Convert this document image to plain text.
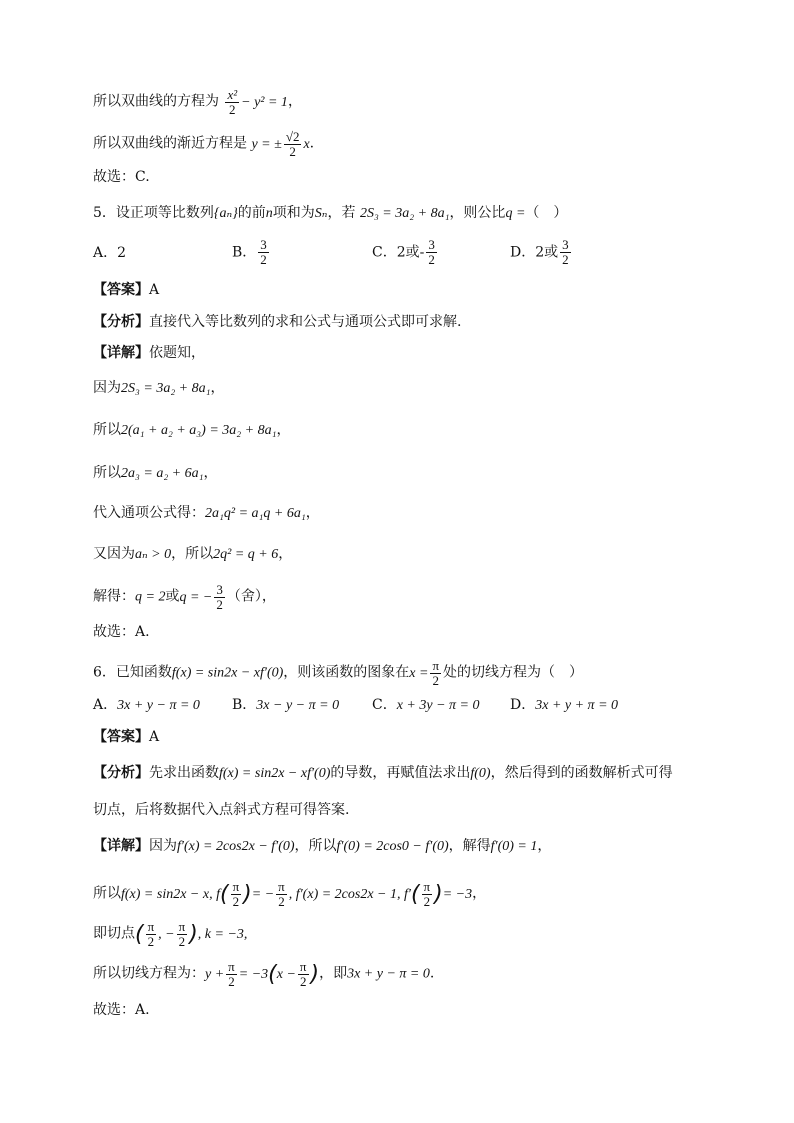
所以双曲线的方程为 $\frac{\text{x²}}{2} - y^2 = 1$，
所以双曲线的渐近方程是 y = ± $\frac{√2}{2} x$.
故选：C.
5．设正项等比数列{aₙ}的前n项和为Sₙ，若 2S₃ = 3a₂ + 8a₁，则公比q =（　）
A．2	B． $\frac{3}{2}$	C．2或- $\frac{3}{2}$	D．2或 $\frac{3}{2}$
【答案】A
【分析】直接代入等比数列的求和公式与通项公式即可求解.
【详解】依题知，
因为2S₃ = 3a₂ + 8a₁，
所以2(a₁ + a₂ + a₃) = 3a₂ + 8a₁，
所以2a₃ = a₂ + 6a₁，
代入通项公式得：2a₁q² = a₁q + 6a₁，
又因为aₙ > 0，所以2q² = q + 6，
解得：q = 2或q = − $\frac{3}{2}$ （舍），
故选：A.
6．已知函数f(x) = sin2x − xf′(0)，则该函数的图象在$x = \frac{\pi}{2}$ 处的切线方程为（　）
A．3x + y − π = 0 B．3x − y − π = 0 C．x + 3y − π = 0 D．3x + y + π = 0
【答案】A
【分析】先求出函数f(x) = sin2x − xf′(0)的导数，再赋值法求出f(0)，然后得到的函数解析式可得
切点，后将数据代入点斜式方程可得答案.
【详解】因为f′(x) = 2cos2x − f′(0)，所以f′(0) = 2cos0 − f′(0)，解得f′(0) = 1，
所以f(x) = sin2x − x, $f( \frac{\pi}{2}$ )= − $\frac{\pi}{2}$ , f′(x) = 2cos2x − 1, $f'( \frac{\pi}{2}$ )= −3，
即切点( $\frac{\pi}{2}$ , − $\frac{\pi}{2}$ ), k = −3,
所以切线方程为：$y + \frac{\pi}{2} = -3(x - \frac{\pi}{2}$ )，即3x + y − π = 0.
故选：A.
